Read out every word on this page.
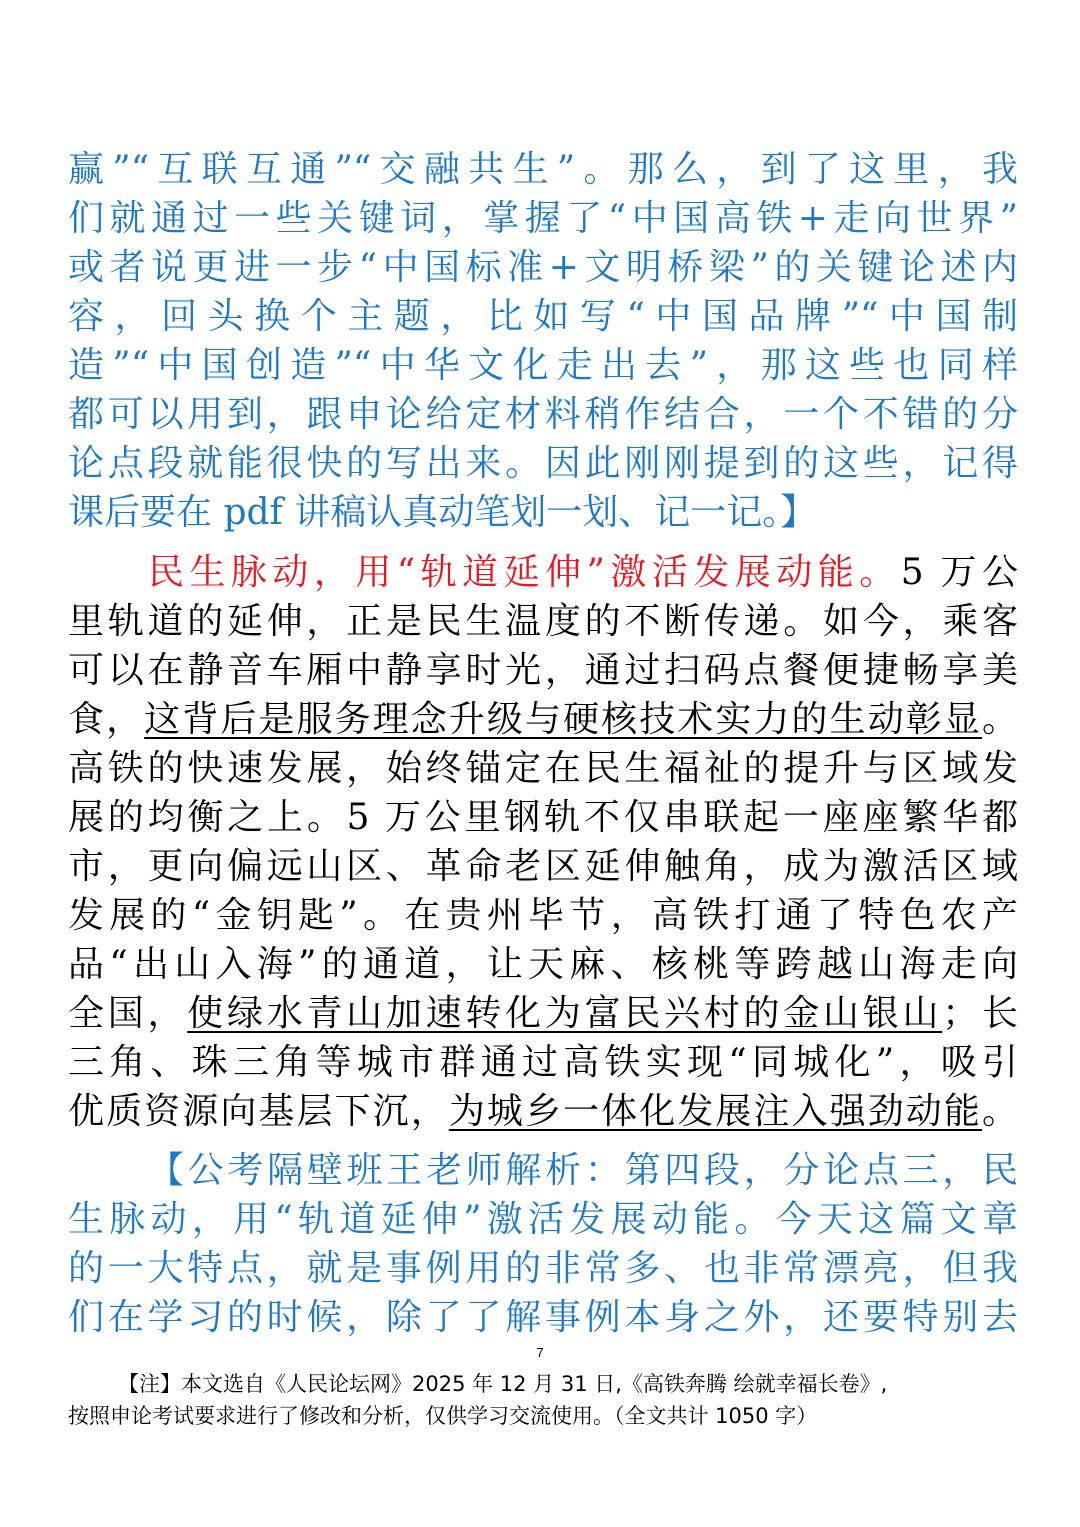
赢”“互联互通”“交融共生”。那么，到了这里，我
们就通过一些关键词，掌握了“中国高铁+走向世界”
或者说更进一步“中国标准+文明桥梁”的关键论述内
容，回头换个主题，比如写“中国品牌”“中国制
造”“中国创造”“中华文化走出去”，那这些也同样
都可以用到，跟申论给定材料稍作结合，一个不错的分
论点段就能很快的写出来。因此刚刚提到的这些，记得
课后要在 pdf 讲稿认真动笔划一划、记一记。】
民生脉动，用“轨道延伸”激活发展动能。5 万公
里轨道的延伸，正是民生温度的不断传递。如今，乘客
可以在静音车厢中静享时光，通过扫码点餐便捷畅享美
食，这背后是服务理念升级与硬核技术实力的生动彰显。
高铁的快速发展，始终锚定在民生福祉的提升与区域发
展的均衡之上。5 万公里钢轨不仅串联起一座座繁华都
市，更向偏远山区、革命老区延伸触角，成为激活区域
发展的“金钥匙”。在贵州毕节，高铁打通了特色农产
品“出山入海”的通道，让天麻、核桃等跨越山海走向
全国，使绿水青山加速转化为富民兴村的金山银山；长
三角、珠三角等城市群通过高铁实现“同城化”，吸引
优质资源向基层下沉，为城乡一体化发展注入强劲动能。
【公考隔壁班王老师解析：第四段，分论点三，民
生脉动，用“轨道延伸”激活发展动能。今天这篇文章
的一大特点，就是事例用的非常多、也非常漂亮，但我
们在学习的时候，除了了解事例本身之外，还要特别去
7
【注】本文选自《人民论坛网》2025 年 12 月 31 日,《高铁奔腾 绘就幸福长卷》,
按照申论考试要求进行了修改和分析，仅供学习交流使用。（全文共计 1050 字）
